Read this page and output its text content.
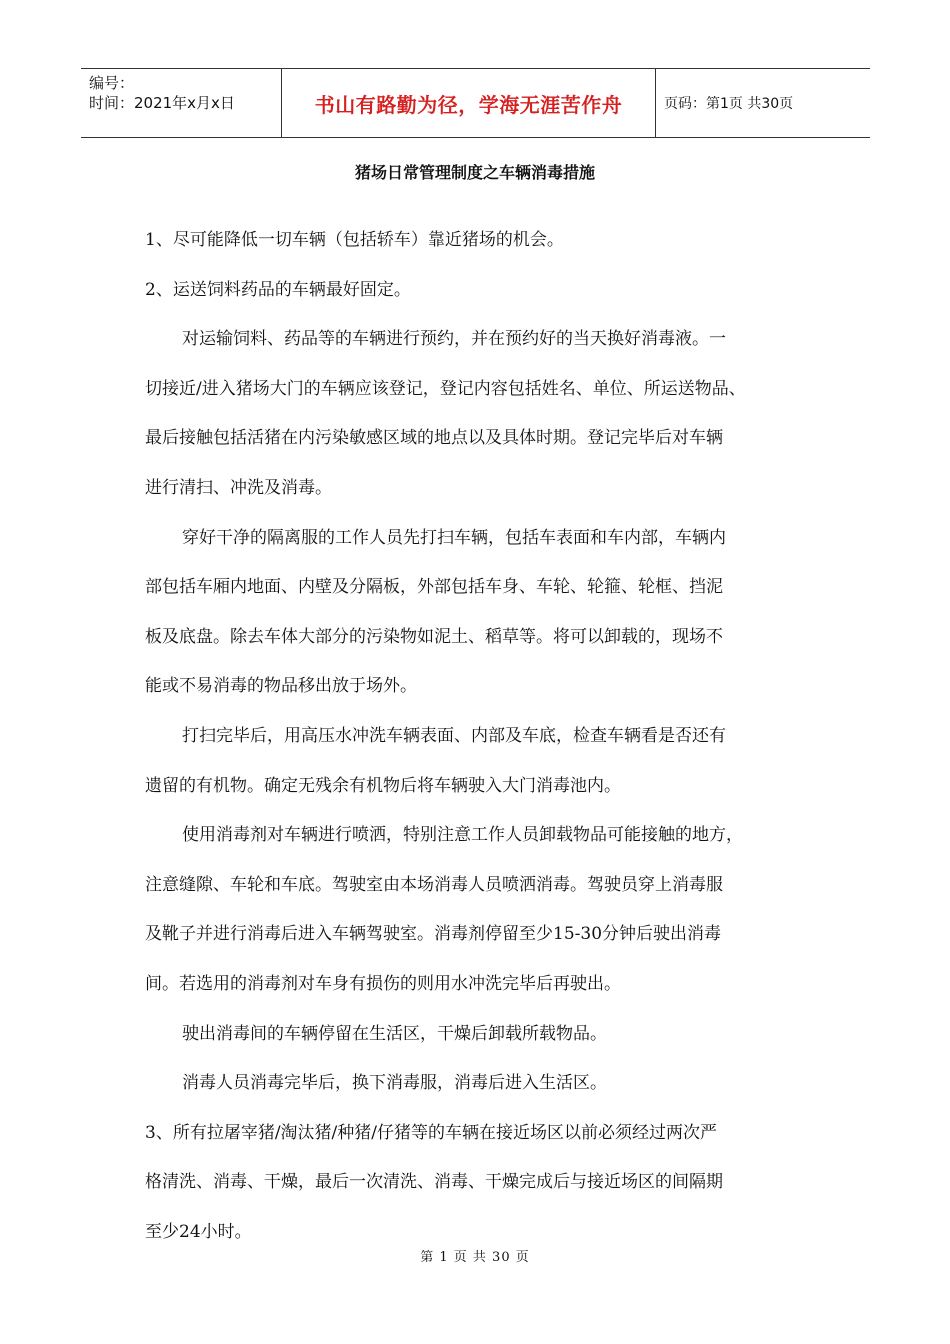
编号：
时间：2021年x月x日	书山有路勤为径，学海无涯苦作舟	页码：第1页 共30页
猪场日常管理制度之车辆消毒措施
1、尽可能降低一切车辆（包括轿车）靠近猪场的机会。
2、运送饲料药品的车辆最好固定。
对运输饲料、药品等的车辆进行预约，并在预约好的当天换好消毒液。一
切接近/进入猪场大门的车辆应该登记，登记内容包括姓名、单位、所运送物品、
最后接触包括活猪在内污染敏感区域的地点以及具体时期。登记完毕后对车辆
进行清扫、冲洗及消毒。
穿好干净的隔离服的工作人员先打扫车辆，包括车表面和车内部，车辆内
部包括车厢内地面、内壁及分隔板，外部包括车身、车轮、轮箍、轮框、挡泥
板及底盘。除去车体大部分的污染物如泥土、稻草等。将可以卸载的，现场不
能或不易消毒的物品移出放于场外。
打扫完毕后，用高压水冲洗车辆表面、内部及车底，检查车辆看是否还有
遗留的有机物。确定无残余有机物后将车辆驶入大门消毒池内。
使用消毒剂对车辆进行喷洒，特别注意工作人员卸载物品可能接触的地方，
注意缝隙、车轮和车底。驾驶室由本场消毒人员喷洒消毒。驾驶员穿上消毒服
及靴子并进行消毒后进入车辆驾驶室。消毒剂停留至少15-30分钟后驶出消毒
间。若选用的消毒剂对车身有损伤的则用水冲洗完毕后再驶出。
驶出消毒间的车辆停留在生活区，干燥后卸载所载物品。
消毒人员消毒完毕后，换下消毒服，消毒后进入生活区。
3、所有拉屠宰猪/淘汰猪/种猪/仔猪等的车辆在接近场区以前必须经过两次严
格清洗、消毒、干燥，最后一次清洗、消毒、干燥完成后与接近场区的间隔期
至少24小时。
第 1 页 共 30 页
